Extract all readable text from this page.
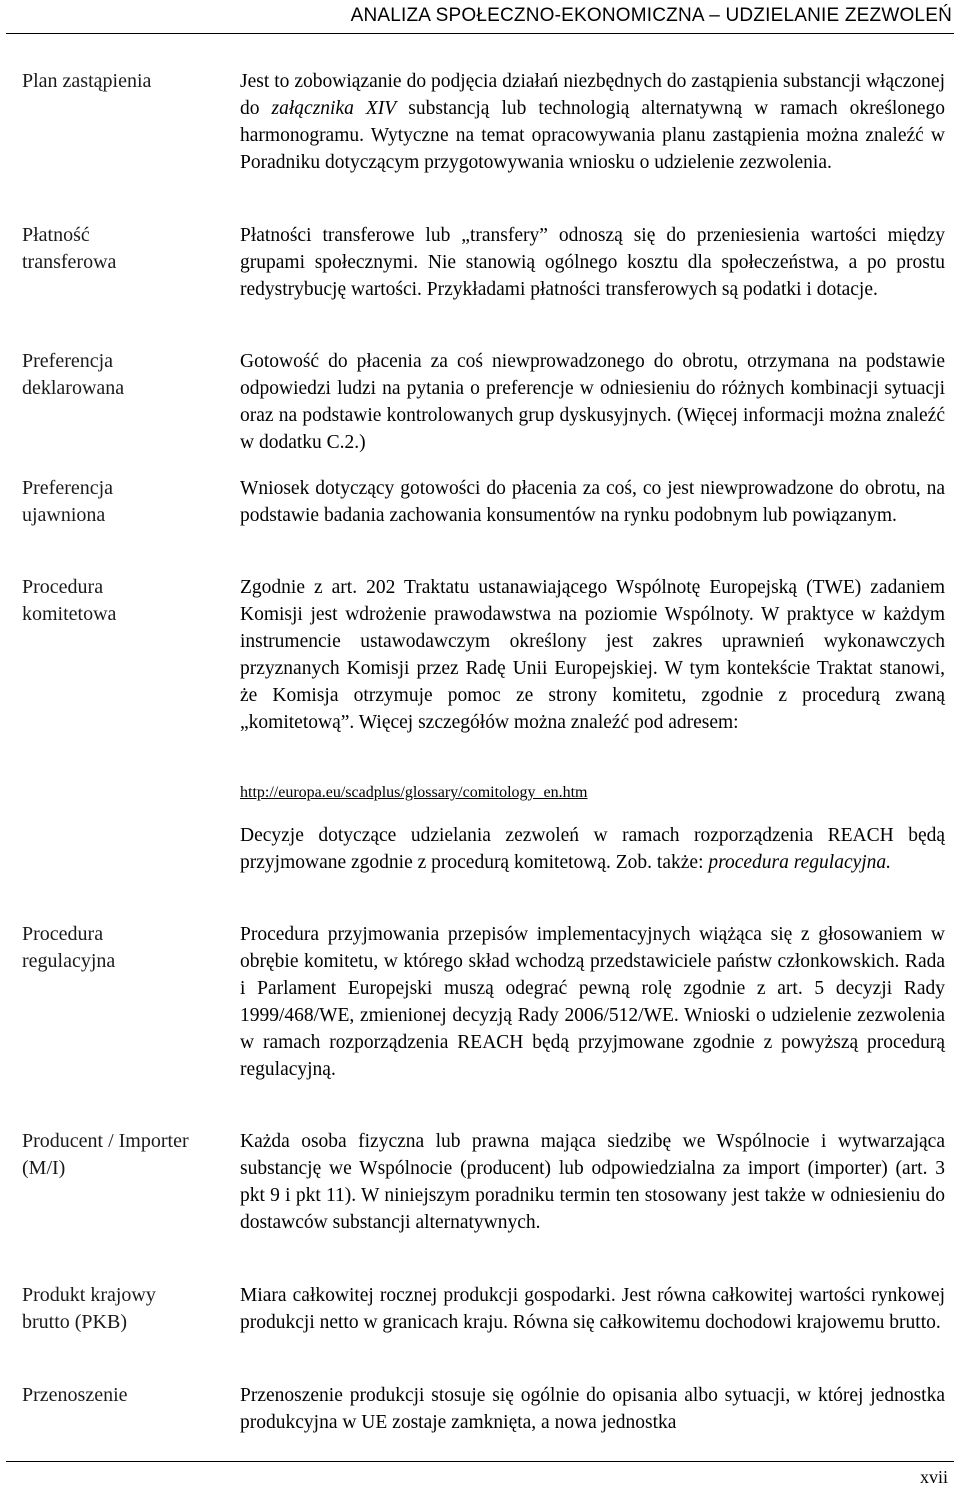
ANALIZA SPOŁECZNO-EKONOMICZNA – UDZIELANIE ZEZWOLEŃ
Plan zastąpienia	Jest to zobowiązanie do podjęcia działań niezbędnych do zastąpienia substancji włączonej do załącznika XIV substancją lub technologią alternatywną w ramach określonego harmonogramu. Wytyczne na temat opracowywania planu zastąpienia można znaleźć w Poradniku dotyczącym przygotowywania wniosku o udzielenie zezwolenia.
Płatność transferowa
Płatności transferowe lub „transfery” odnoszą się do przeniesienia wartości między grupami społecznymi. Nie stanowią ogólnego kosztu dla społeczeństwa, a po prostu redystrybucję wartości. Przykładami płatności transferowych są podatki i dotacje.
Preferencja deklarowana
Gotowość do płacenia za coś niewprowadzonego do obrotu, otrzymana na podstawie odpowiedzi ludzi na pytania o preferencje w odniesieniu do różnych kombinacji sytuacji oraz na podstawie kontrolowanych grup dyskusyjnych. (Więcej informacji można znaleźć w dodatku C.2.)
Preferencja ujawniona
Wniosek dotyczący gotowości do płacenia za coś, co jest niewprowadzone do obrotu, na podstawie badania zachowania konsumentów na rynku podobnym lub powiązanym.
Procedura komitetowa
Zgodnie z art. 202 Traktatu ustanawiającego Wspólnotę Europejską (TWE) zadaniem Komisji jest wdrożenie prawodawstwa na poziomie Wspólnoty. W praktyce w każdym instrumencie ustawodawczym określony jest zakres uprawnień wykonawczych przyznanych Komisji przez Radę Unii Europejskiej. W tym kontekście Traktat stanowi, że Komisja otrzymuje pomoc ze strony komitetu, zgodnie z procedurą zwaną „komitetową”. Więcej szczegółów można znaleźć pod adresem:
http://europa.eu/scadplus/glossary/comitology_en.htm
Decyzje dotyczące udzielania zezwoleń w ramach rozporządzenia REACH będą przyjmowane zgodnie z procedurą komitetową. Zob. także: procedura regulacyjna.
Procedura regulacyjna
Procedura przyjmowania przepisów implementacyjnych wiążąca się z głosowaniem w obrębie komitetu, w którego skład wchodzą przedstawiciele państw członkowskich. Rada i Parlament Europejski muszą odegrać pewną rolę zgodnie z art. 5 decyzji Rady 1999/468/WE, zmienionej decyzją Rady 2006/512/WE. Wnioski o udzielenie zezwolenia w ramach rozporządzenia REACH będą przyjmowane zgodnie z powyższą procedurą regulacyjną.
Producent / Importer (M/I)
Każda osoba fizyczna lub prawna mająca siedzibę we Wspólnocie i wytwarzająca substancję we Wspólnocie (producent) lub odpowiedzialna za import (importer) (art. 3 pkt 9 i pkt 11). W niniejszym poradniku termin ten stosowany jest także w odniesieniu do dostawców substancji alternatywnych.
Produkt krajowy brutto (PKB)
Miara całkowitej rocznej produkcji gospodarki. Jest równa całkowitej wartości rynkowej produkcji netto w granicach kraju. Równa się całkowitemu dochodowi krajowemu brutto.
Przenoszenie	Przenoszenie produkcji stosuje się ogólnie do opisania albo sytuacji, w której jednostka produkcyjna w UE zostaje zamknięta, a nowa jednostka
xvii
